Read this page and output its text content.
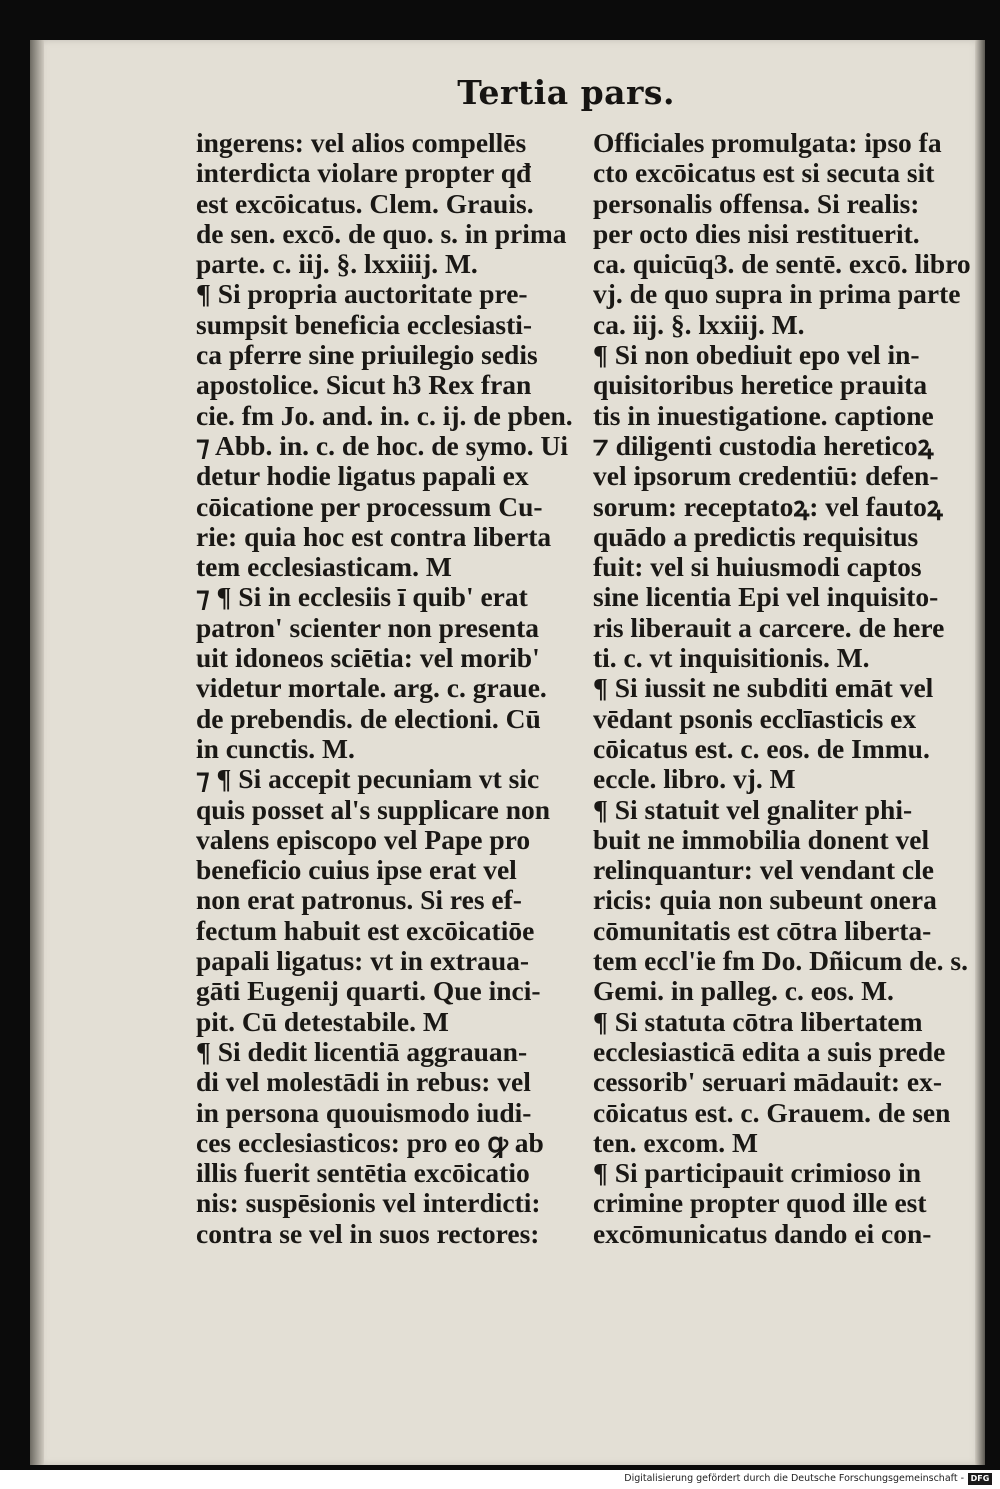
Tertia pars.
ingerens: vel alios compellēs
interdicta violare propter qđ
est excōicatus. Clem. Grauis.
de sen. excō. de quo. s. in prima
parte. c. iij. §. lxxiiij. M.
¶ Si propria auctoritate pre-
sumpsit beneficia ecclesiasti-
ca pferre sine priuilegio sedis
apostolice. Sicut h3 Rex fran
cie. fm Jo. and. in. c. ij. de pben.
⁊ Abb. in. c. de hoc. de symo. Ui
detur hodie ligatus papali ex
cōicatione per processum Cu-
rie: quia hoc est contra liberta
tem ecclesiasticam. M
⁊ ¶ Si in ecclesiis ī quib' erat
patron' scienter non presenta
uit idoneos sciētia: vel morib'
videtur mortale. arg. c. graue.
de prebendis. de electioni. Cū
in cunctis. M.
⁊ ¶ Si accepit pecuniam vt sic
quis posset al's supplicare non
valens episcopo vel Pape pro
beneficio cuius ipse erat vel
non erat patronus. Si res ef-
fectum habuit est excōicatiōe
papali ligatus: vt in extraua-
gāti Eugenij quarti. Que inci-
pit. Cū detestabile. M
¶ Si dedit licentiā aggrauan-
di vel molestādi in rebus: vel
in persona quouismodo iudi-
ces ecclesiasticos: pro eo ꝙ ab
illis fuerit sentētia excōicatio
nis: suspēsionis vel interdicti:
contra se vel in suos rectores:
Officiales promulgata: ipso fa
cto excōicatus est si secuta sit
personalis offensa. Si realis:
per octo dies nisi restituerit.
ca. quicūq3. de sentē. excō. libro
vj. de quo supra in prima parte
ca. iij. §. lxxiij. M.
¶ Si non obediuit epo vel in-
quisitoribus heretice prauita
tis in inuestigatione. captione
⁊ diligenti custodia hereticoꝝ
vel ipsorum credentiū: defen-
sorum: receptatoꝝ: vel fautoꝝ
quādo a predictis requisitus
fuit: vel si huiusmodi captos
sine licentia Epi vel inquisito-
ris liberauit a carcere. de here
ti. c. vt inquisitionis. M.
¶ Si iussit ne subditi emāt vel
vēdant psonis ecclīasticis ex
cōicatus est. c. eos. de Immu.
eccle. libro. vj. M
¶ Si statuit vel gnaliter phi-
buit ne immobilia donent vel
relinquantur: vel vendant cle
ricis: quia non subeunt onera
cōmunitatis est cōtra liberta-
tem eccl'ie fm Do. Dñicum de. s.
Gemi. in palleg. c. eos. M.
¶ Si statuta cōtra libertatem
ecclesiasticā edita a suis prede
cessorib' seruari mādauit: ex-
cōicatus est. c. Grauem. de sen
ten. excom. M
¶ Si participauit crimioso in
crimine propter quod ille est
excōmunicatus dando ei con-
Digitalisierung gefördert durch die Deutsche Forschungsgemeinschaft - DFG
